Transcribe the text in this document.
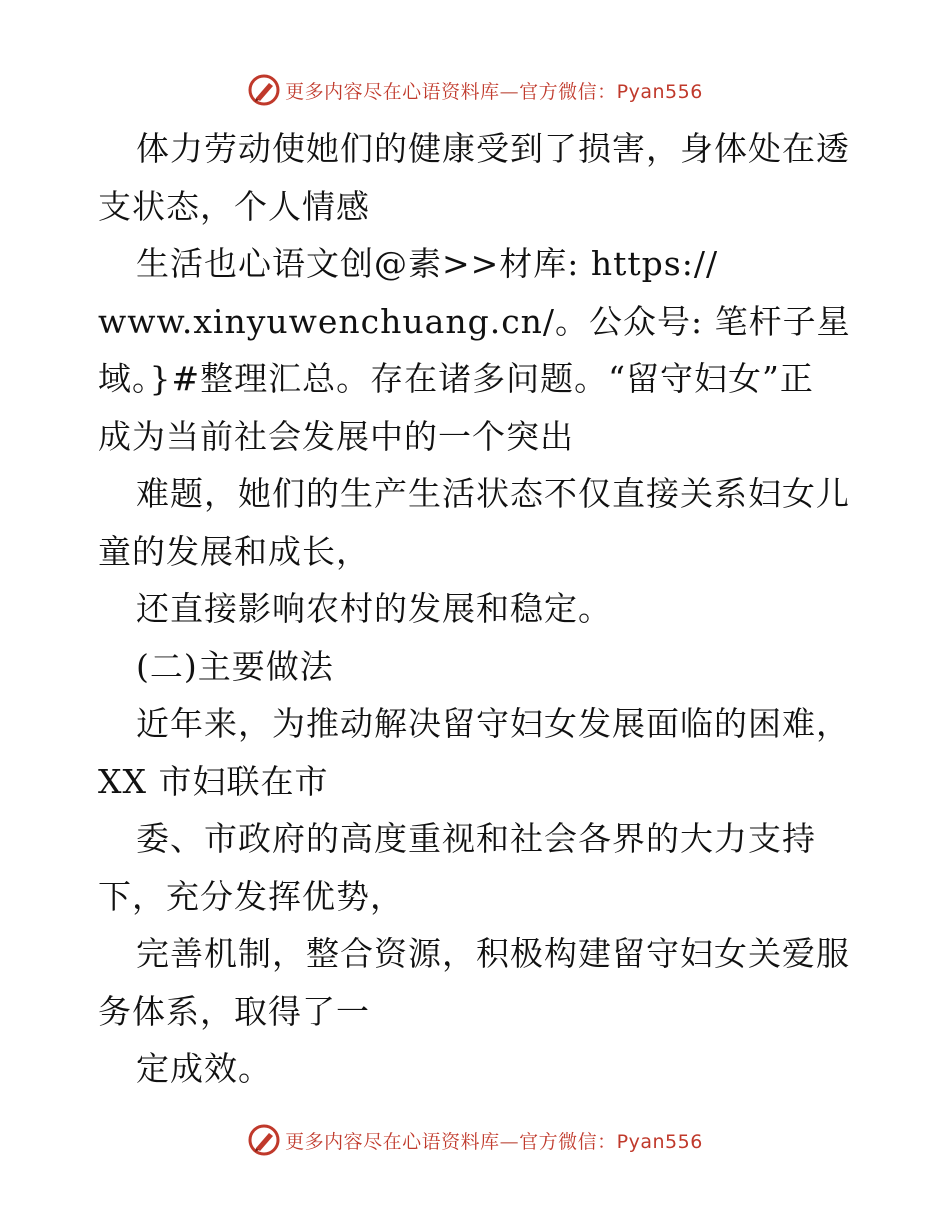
更多内容尽在心语资料库—官方微信：Pyan556
体力劳动使她们的健康受到了损害，身体处在透
支状态，个人情感
生活也心语文创@素>>材库: https://
www.xinyuwenchuang.cn/。公众号: 笔杆子星
域。}#整理汇总。存在诸多问题。“留守妇女”正
成为当前社会发展中的一个突出
难题，她们的生产生活状态不仅直接关系妇女儿
童的发展和成长，
还直接影响农村的发展和稳定。
(二)主要做法
近年来，为推动解决留守妇女发展面临的困难，
XX 市妇联在市
委、市政府的高度重视和社会各界的大力支持
下，充分发挥优势，
完善机制，整合资源，积极构建留守妇女关爱服
务体系，取得了一
定成效。
更多内容尽在心语资料库—官方微信：Pyan556
